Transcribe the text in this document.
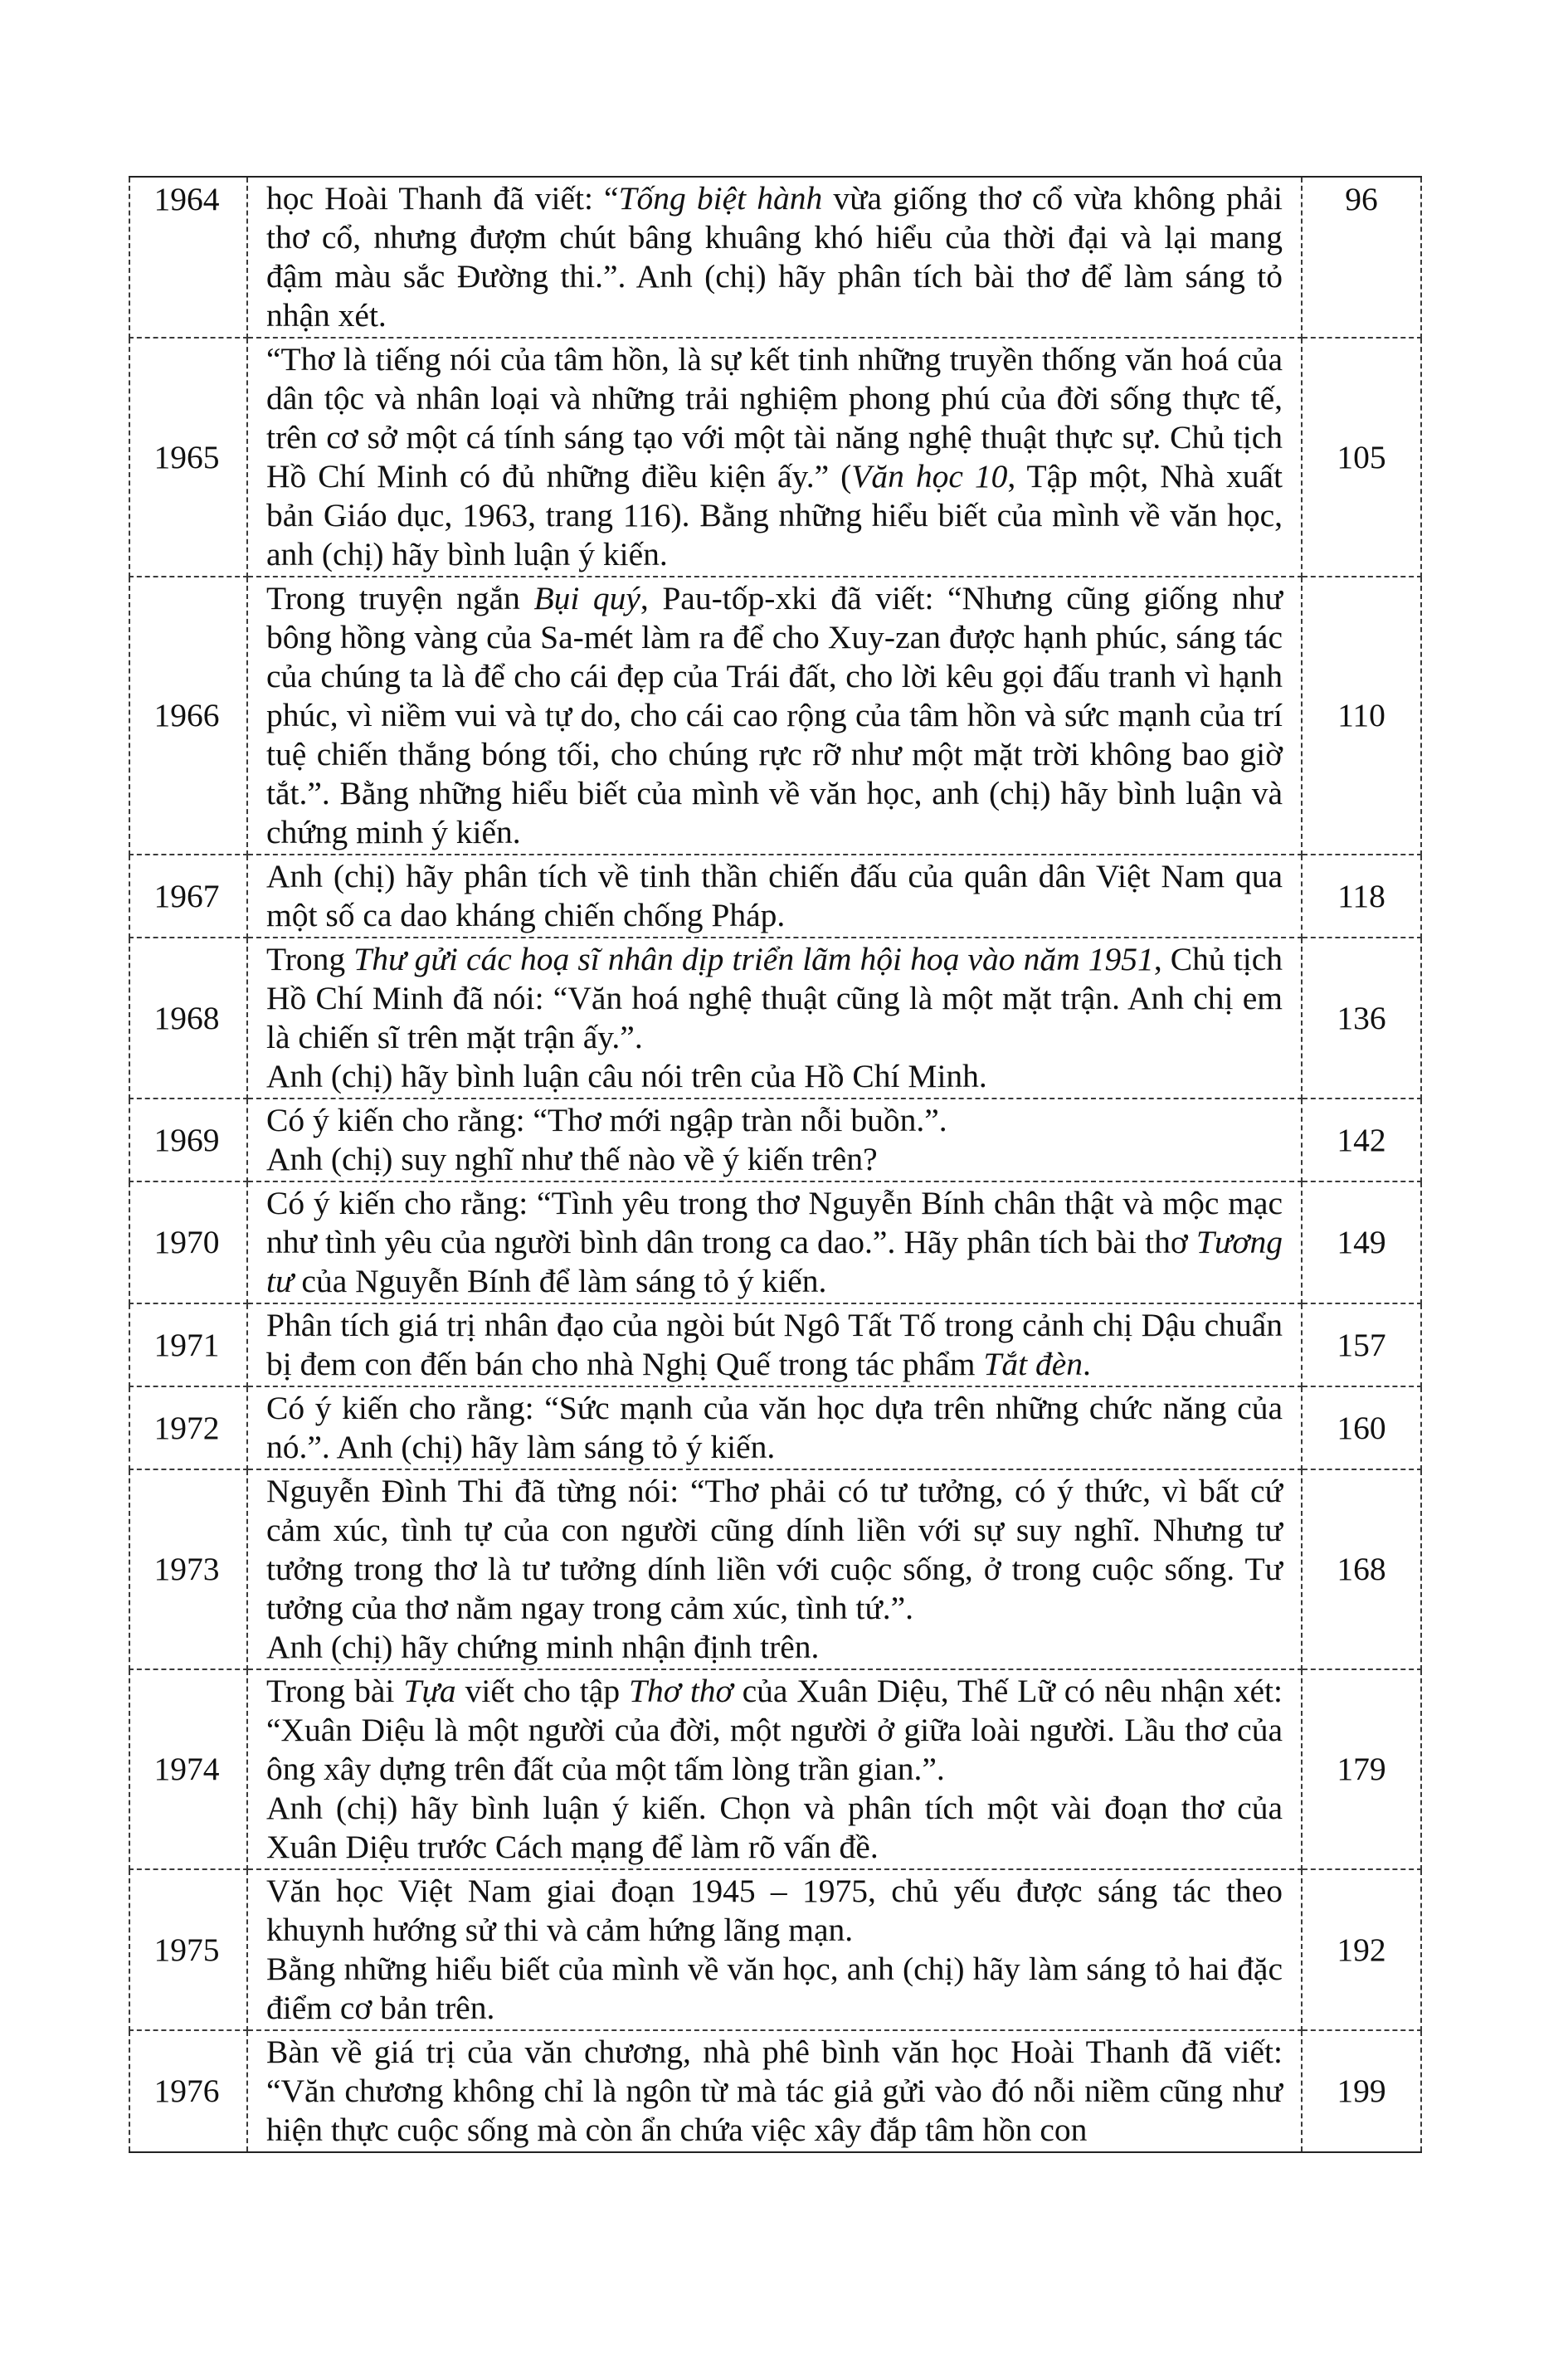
1964	học Hoài Thanh đã viết: “Tống biệt hành vừa giống thơ cổ vừa không phải thơ cổ, nhưng đượm chút bâng khuâng khó hiểu của thời đại và lại mang đậm màu sắc Đường thi.”. Anh (chị) hãy phân tích bài thơ để làm sáng tỏ nhận xét.	96
1965	“Thơ là tiếng nói của tâm hồn, là sự kết tinh những truyền thống văn hoá của dân tộc và nhân loại và những trải nghiệm phong phú của đời sống thực tế, trên cơ sở một cá tính sáng tạo với một tài năng nghệ thuật thực sự. Chủ tịch Hồ Chí Minh có đủ những điều kiện ấy.” (Văn học 10, Tập một, Nhà xuất bản Giáo dục, 1963, trang 116). Bằng những hiểu biết của mình về văn học, anh (chị) hãy bình luận ý kiến.	105
1966	Trong truyện ngắn Bụi quý, Pau-tốp-xki đã viết: “Nhưng cũng giống như bông hồng vàng của Sa-mét làm ra để cho Xuy-zan được hạnh phúc, sáng tác của chúng ta là để cho cái đẹp của Trái đất, cho lời kêu gọi đấu tranh vì hạnh phúc, vì niềm vui và tự do, cho cái cao rộng của tâm hồn và sức mạnh của trí tuệ chiến thắng bóng tối, cho chúng rực rỡ như một mặt trời không bao giờ tắt.”. Bằng những hiểu biết của mình về văn học, anh (chị) hãy bình luận và chứng minh ý kiến.	110
1967	Anh (chị) hãy phân tích về tinh thần chiến đấu của quân dân Việt Nam qua một số ca dao kháng chiến chống Pháp.	118
1968	Trong Thư gửi các hoạ sĩ nhân dịp triển lãm hội hoạ vào năm 1951, Chủ tịch Hồ Chí Minh đã nói: “Văn hoá nghệ thuật cũng là một mặt trận. Anh chị em là chiến sĩ trên mặt trận ấy.”.
Anh (chị) hãy bình luận câu nói trên của Hồ Chí Minh.	136
1969	Có ý kiến cho rằng: “Thơ mới ngập tràn nỗi buồn.”.
Anh (chị) suy nghĩ như thế nào về ý kiến trên?	142
1970	Có ý kiến cho rằng: “Tình yêu trong thơ Nguyễn Bính chân thật và mộc mạc như tình yêu của người bình dân trong ca dao.”. Hãy phân tích bài thơ Tương tư của Nguyễn Bính để làm sáng tỏ ý kiến.	149
1971	Phân tích giá trị nhân đạo của ngòi bút Ngô Tất Tố trong cảnh chị Dậu chuẩn bị đem con đến bán cho nhà Nghị Quế trong tác phẩm Tắt đèn.	157
1972	Có ý kiến cho rằng: “Sức mạnh của văn học dựa trên những chức năng của nó.”. Anh (chị) hãy làm sáng tỏ ý kiến.	160
1973	Nguyễn Đình Thi đã từng nói: “Thơ phải có tư tưởng, có ý thức, vì bất cứ cảm xúc, tình tự của con người cũng dính liền với sự suy nghĩ. Nhưng tư tưởng trong thơ là tư tưởng dính liền với cuộc sống, ở trong cuộc sống. Tư tưởng của thơ nằm ngay trong cảm xúc, tình tứ.”.
Anh (chị) hãy chứng minh nhận định trên.	168
1974	Trong bài Tựa viết cho tập Thơ thơ của Xuân Diệu, Thế Lữ có nêu nhận xét: “Xuân Diệu là một người của đời, một người ở giữa loài người. Lầu thơ của ông xây dựng trên đất của một tấm lòng trần gian.”.
Anh (chị) hãy bình luận ý kiến. Chọn và phân tích một vài đoạn thơ của Xuân Diệu trước Cách mạng để làm rõ vấn đề.	179
1975	Văn học Việt Nam giai đoạn 1945 – 1975, chủ yếu được sáng tác theo khuynh hướng sử thi và cảm hứng lãng mạn.
Bằng những hiểu biết của mình về văn học, anh (chị) hãy làm sáng tỏ hai đặc điểm cơ bản trên.	192
1976	Bàn về giá trị của văn chương, nhà phê bình văn học Hoài Thanh đã viết: “Văn chương không chỉ là ngôn từ mà tác giả gửi vào đó nỗi niềm cũng như hiện thực cuộc sống mà còn ẩn chứa việc xây đắp tâm hồn con	199
